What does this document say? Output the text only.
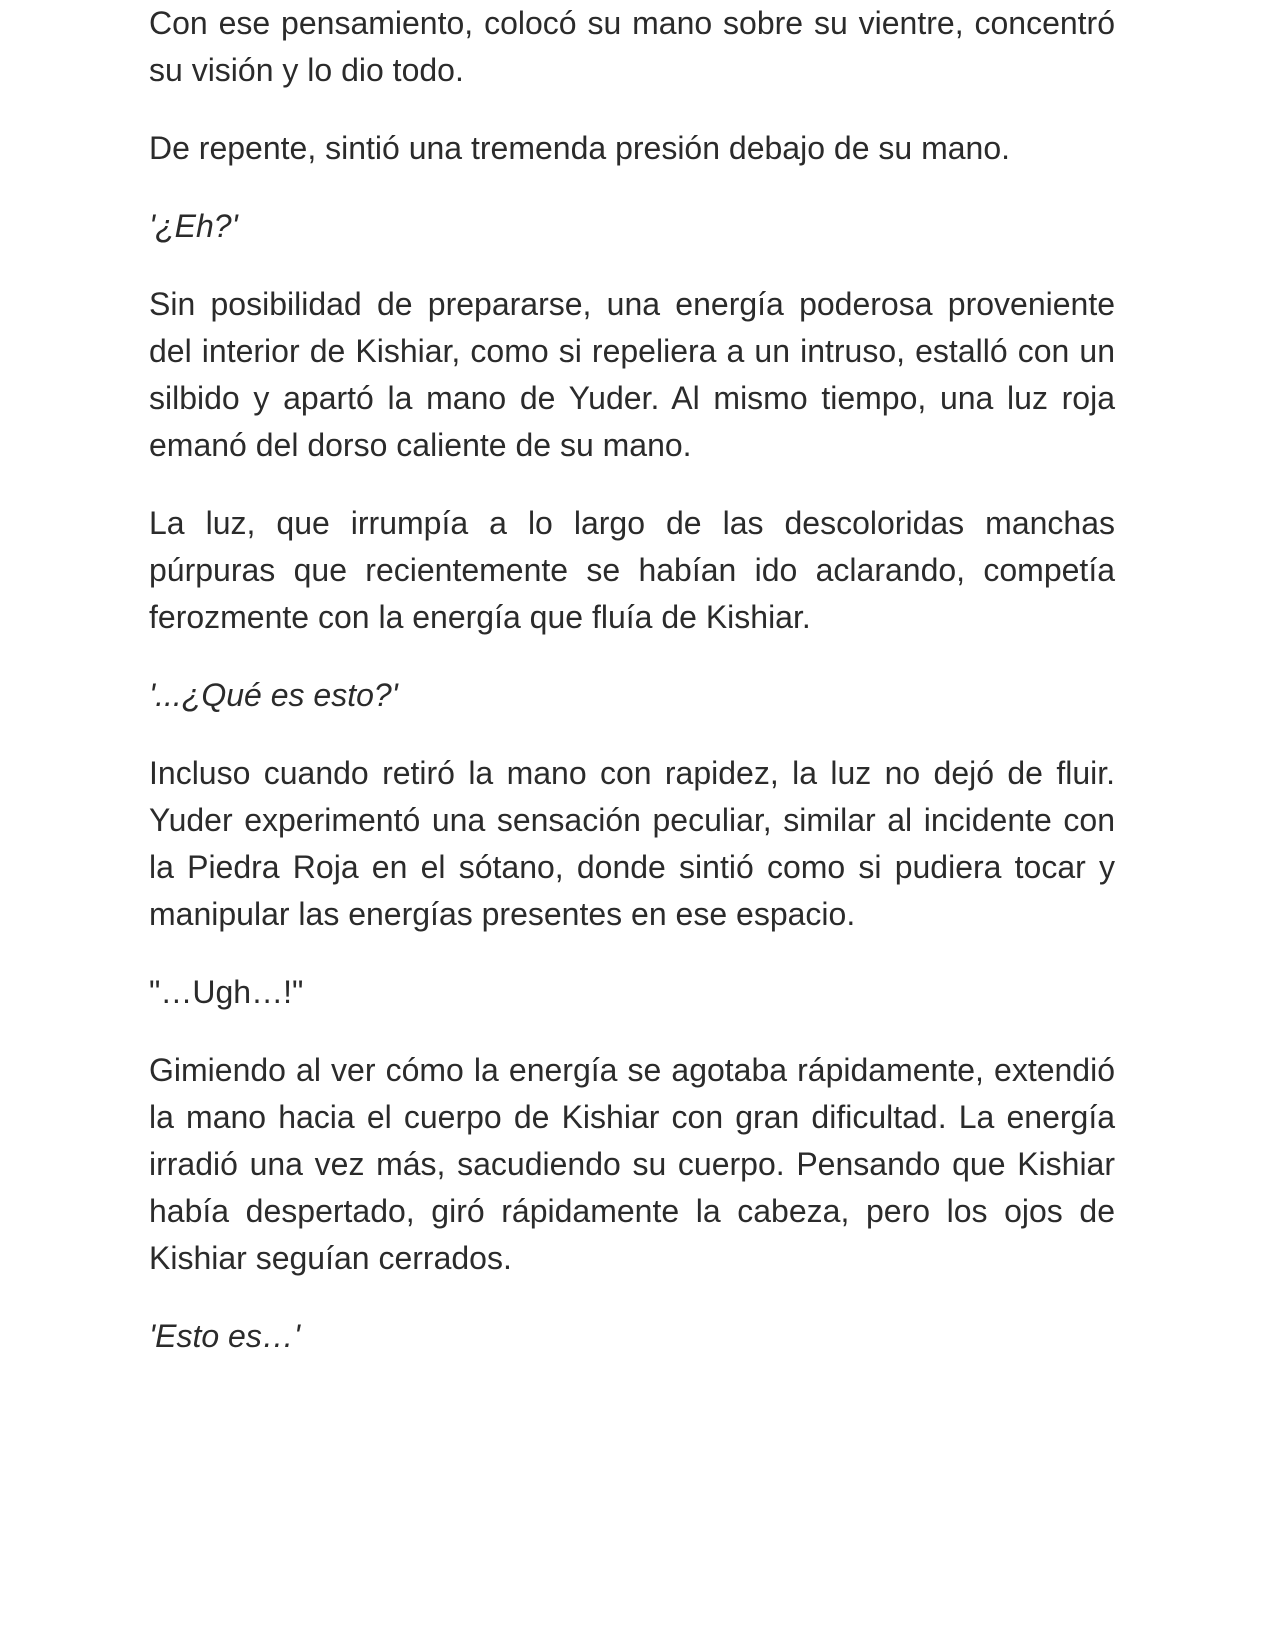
Con ese pensamiento, colocó su mano sobre su vientre, concentró su visión y lo dio todo.

De repente, sintió una tremenda presión debajo de su mano.

'¿Eh?'

Sin posibilidad de prepararse, una energía poderosa proveniente del interior de Kishiar, como si repeliera a un intruso, estalló con un silbido y apartó la mano de Yuder. Al mismo tiempo, una luz roja emanó del dorso caliente de su mano.

La luz, que irrumpía a lo largo de las descoloridas manchas púrpuras que recientemente se habían ido aclarando, competía ferozmente con la energía que fluía de Kishiar.

'...¿Qué es esto?'

Incluso cuando retiró la mano con rapidez, la luz no dejó de fluir. Yuder experimentó una sensación peculiar, similar al incidente con la Piedra Roja en el sótano, donde sintió como si pudiera tocar y manipular las energías presentes en ese espacio.

"…Ugh…!"

Gimiendo al ver cómo la energía se agotaba rápidamente, extendió la mano hacia el cuerpo de Kishiar con gran dificultad. La energía irradió una vez más, sacudiendo su cuerpo. Pensando que Kishiar había despertado, giró rápidamente la cabeza, pero los ojos de Kishiar seguían cerrados.

'Esto es…'
